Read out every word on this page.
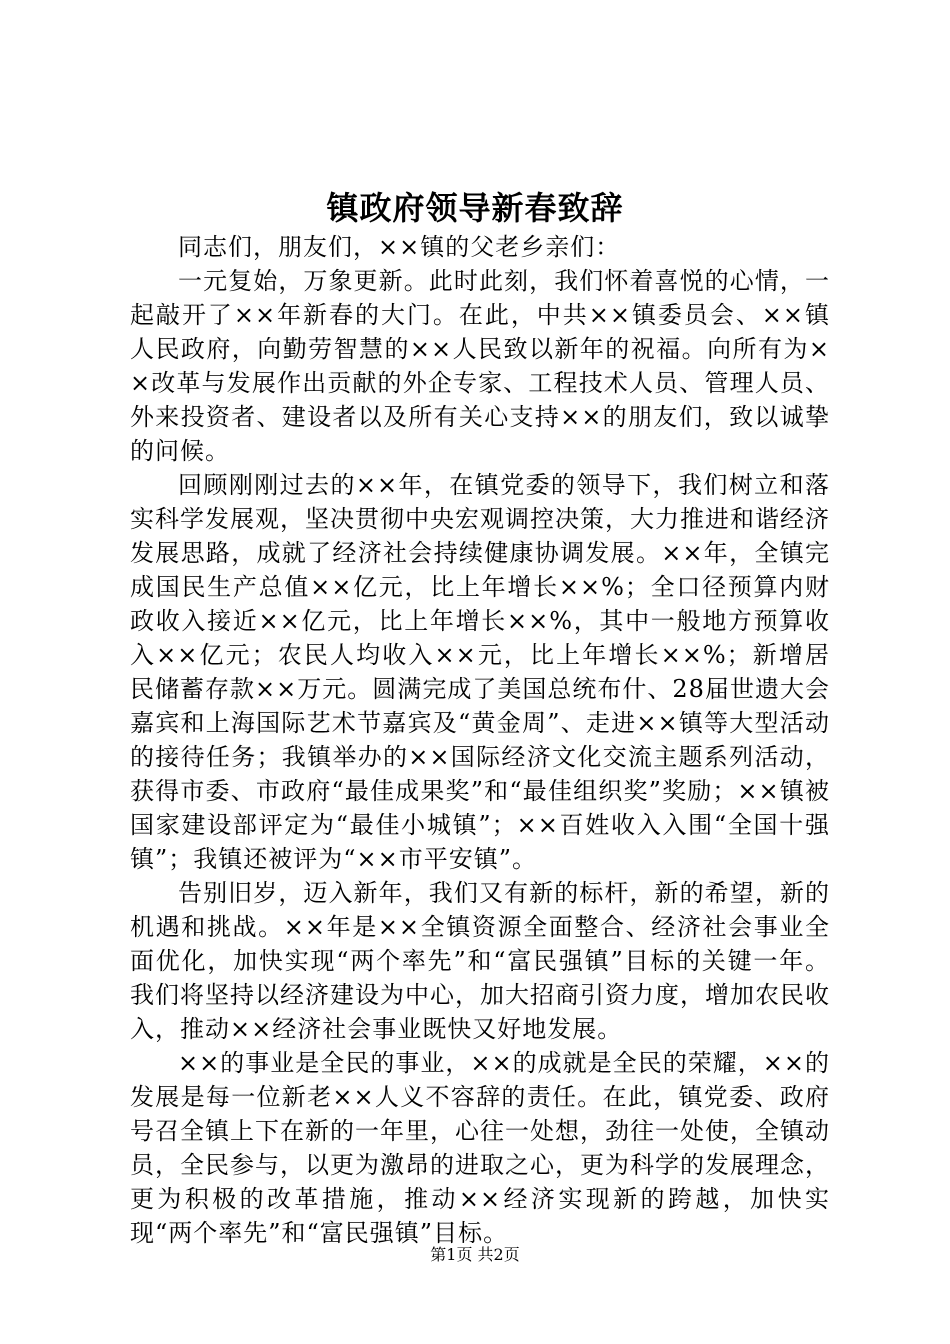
镇政府领导新春致辞

同志们，朋友们，××镇的父老乡亲们：

一元复始，万象更新。此时此刻，我们怀着喜悦的心情，一起敲开了××年新春的大门。在此，中共××镇委员会、××镇人民政府，向勤劳智慧的××人民致以新年的祝福。向所有为××改革与发展作出贡献的外企专家、工程技术人员、管理人员、外来投资者、建设者以及所有关心支持××的朋友们，致以诚挚的问候。

回顾刚刚过去的××年，在镇党委的领导下，我们树立和落实科学发展观，坚决贯彻中央宏观调控决策，大力推进和谐经济发展思路，成就了经济社会持续健康协调发展。××年，全镇完成国民生产总值××亿元，比上年增长××%；全口径预算内财政收入接近××亿元，比上年增长××%，其中一般地方预算收入××亿元；农民人均收入××元，比上年增长××%；新增居民储蓄存款××万元。圆满完成了美国总统布什、28届世遗大会嘉宾和上海国际艺术节嘉宾及“黄金周”、走进××镇等大型活动的接待任务；我镇举办的××国际经济文化交流主题系列活动，获得市委、市政府“最佳成果奖”和“最佳组织奖”奖励；××镇被国家建设部评定为“最佳小城镇”；××百姓收入入围“全国十强镇”；我镇还被评为“××市平安镇”。

告别旧岁，迈入新年，我们又有新的标杆，新的希望，新的机遇和挑战。××年是××全镇资源全面整合、经济社会事业全面优化，加快实现“两个率先”和“富民强镇”目标的关键一年。我们将坚持以经济建设为中心，加大招商引资力度，增加农民收入，推动××经济社会事业既快又好地发展。

××的事业是全民的事业，××的成就是全民的荣耀，××的发展是每一位新老××人义不容辞的责任。在此，镇党委、政府号召全镇上下在新的一年里，心往一处想，劲往一处使，全镇动员，全民参与，以更为激昂的进取之心，更为科学的发展理念，更为积极的改革措施，推动××经济实现新的跨越，加快实现“两个率先”和“富民强镇”目标。

第1页 共2页
